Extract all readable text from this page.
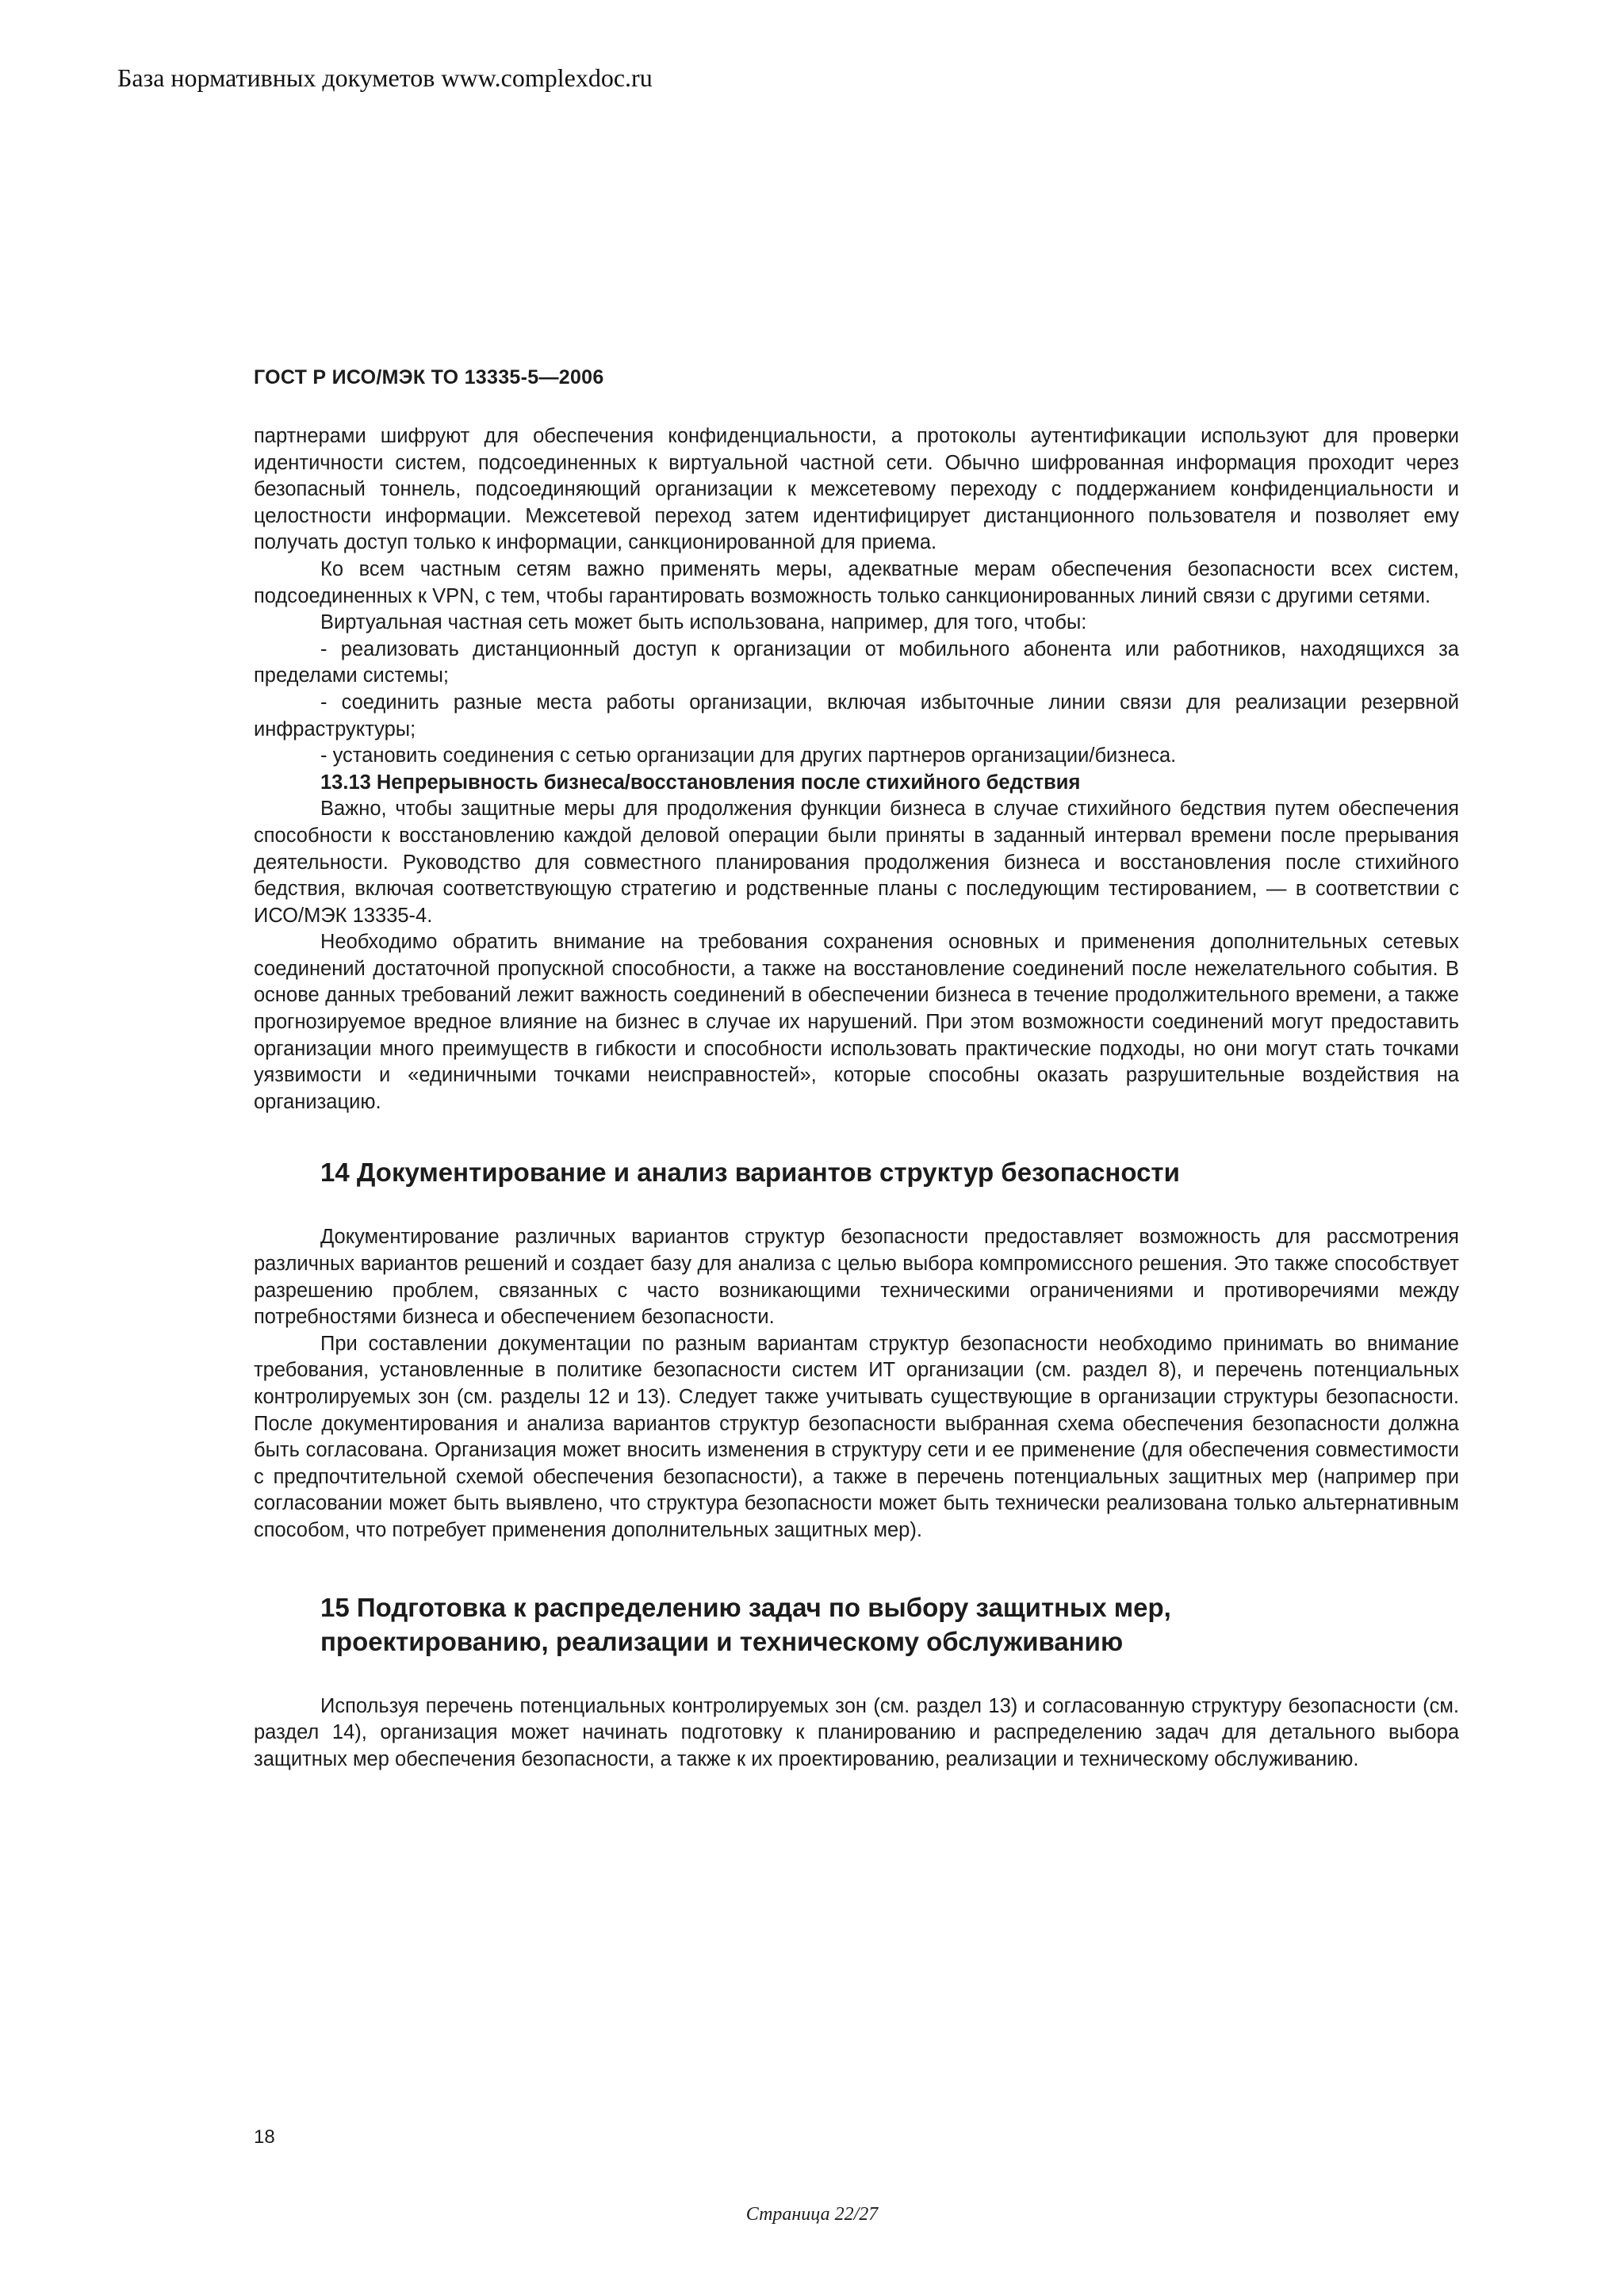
База нормативных докуметов www.complexdoc.ru
ГОСТ Р ИСО/МЭК ТО 13335-5—2006

партнерами шифруют для обеспечения конфиденциальности, а протоколы аутентификации используют для проверки идентичности систем, подсоединенных к виртуальной частной сети. Обычно шифрованная информация проходит через безопасный тоннель, подсоединяющий организации к межсетевому переходу с поддержанием конфиденциальности и целостности информации. Межсетевой переход затем идентифицирует дистанционного пользователя и позволяет ему получать доступ только к информации, санкционированной для приема.

Ко всем частным сетям важно применять меры, адекватные мерам обеспечения безопасности всех систем, подсоединенных к VPN, с тем, чтобы гарантировать возможность только санкционированных линий связи с другими сетями.

Виртуальная частная сеть может быть использована, например, для того, чтобы:

- реализовать дистанционный доступ к организации от мобильного абонента или работников, находящихся за пределами системы;

- соединить разные места работы организации, включая избыточные линии связи для реализации резервной инфраструктуры;

- установить соединения с сетью организации для других партнеров организации/бизнеса.

13.13 Непрерывность бизнеса/восстановления после стихийного бедствия

Важно, чтобы защитные меры для продолжения функции бизнеса в случае стихийного бедствия путем обеспечения способности к восстановлению каждой деловой операции были приняты в заданный интервал времени после прерывания деятельности. Руководство для совместного планирования продолжения бизнеса и восстановления после стихийного бедствия, включая соответствующую стратегию и родственные планы с последующим тестированием, — в соответствии с ИСО/МЭК 13335-4.

Необходимо обратить внимание на требования сохранения основных и применения дополнительных сетевых соединений достаточной пропускной способности, а также на восстановление соединений после нежелательного события. В основе данных требований лежит важность соединений в обеспечении бизнеса в течение продолжительного времени, а также прогнозируемое вредное влияние на бизнес в случае их нарушений. При этом возможности соединений могут предоставить организации много преимуществ в гибкости и способности использовать практические подходы, но они могут стать точками уязвимости и «единичными точками неисправностей», которые способны оказать разрушительные воздействия на организацию.

14 Документирование и анализ вариантов структур безопасности

Документирование различных вариантов структур безопасности предоставляет возможность для рассмотрения различных вариантов решений и создает базу для анализа с целью выбора компромиссного решения. Это также способствует разрешению проблем, связанных с часто возникающими техническими ограничениями и противоречиями между потребностями бизнеса и обеспечением безопасности.

При составлении документации по разным вариантам структур безопасности необходимо принимать во внимание требования, установленные в политике безопасности систем ИТ организации (см. раздел 8), и перечень потенциальных контролируемых зон (см. разделы 12 и 13). Следует также учитывать существующие в организации структуры безопасности. После документирования и анализа вариантов структур безопасности выбранная схема обеспечения безопасности должна быть согласована. Организация может вносить изменения в структуру сети и ее применение (для обеспечения совместимости с предпочтительной схемой обеспечения безопасности), а также в перечень потенциальных защитных мер (например при согласовании может быть выявлено, что структура безопасности может быть технически реализована только альтернативным способом, что потребует применения дополнительных защитных мер).

15 Подготовка к распределению задач по выбору защитных мер,
проектированию, реализации и техническому обслуживанию

Используя перечень потенциальных контролируемых зон (см. раздел 13) и согласованную структуру безопасности (см. раздел 14), организация может начинать подготовку к планированию и распределению задач для детального выбора защитных мер обеспечения безопасности, а также к их проектированию, реализации и техническому обслуживанию.

18
Страница 22/27
